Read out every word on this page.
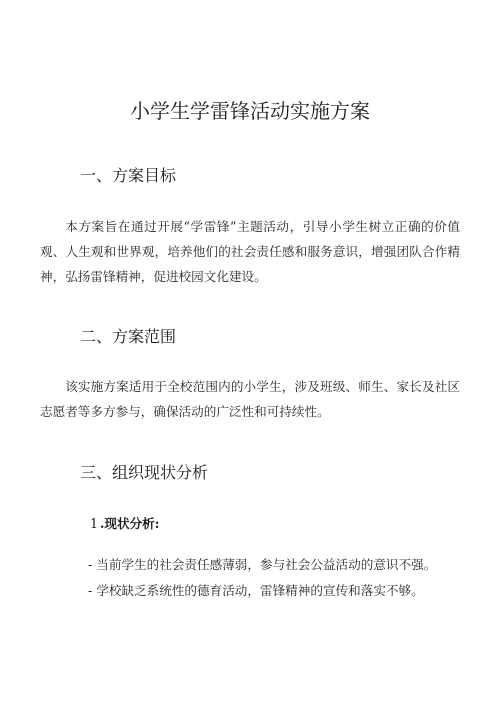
小学生学雷锋活动实施方案
一、方案目标

本方案旨在通过开展“学雷锋”主题活动，引导小学生树立正确的价值观、人生观和世界观，培养他们的社会责任感和服务意识，增强团队合作精神，弘扬雷锋精神，促进校园文化建设。

二、方案范围

该实施方案适用于全校范围内的小学生，涉及班级、师生、家长及社区志愿者等多方参与，确保活动的广泛性和可持续性。

三、组织现状分析
1 .现状分析:
- 当前学生的社会责任感薄弱，参与社会公益活动的意识不强。
- 学校缺乏系统性的德育活动，雷锋精神的宣传和落实不够。
